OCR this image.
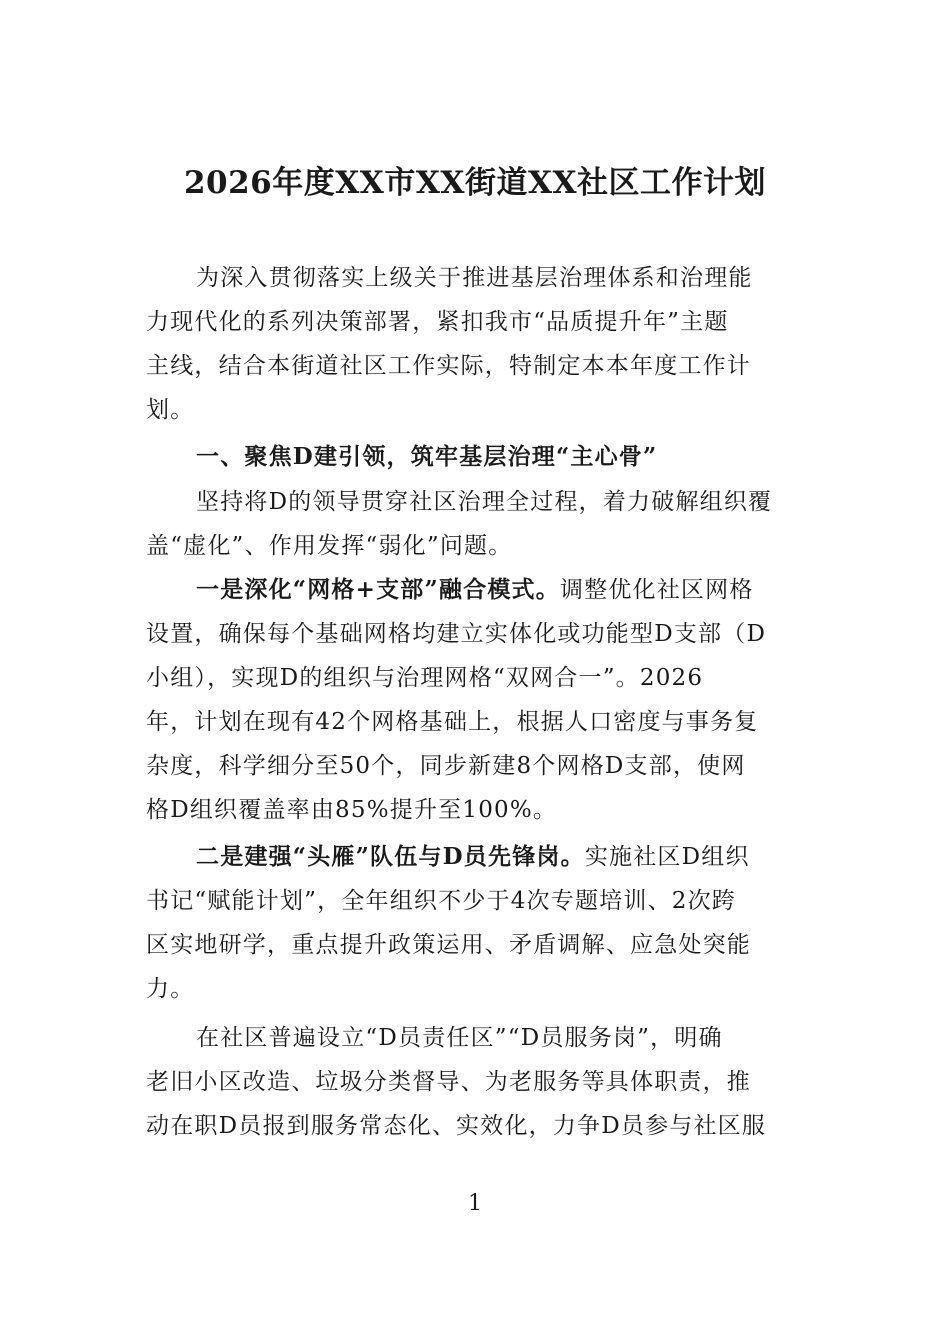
2026年度XX市XX街道XX社区工作计划
为深入贯彻落实上级关于推进基层治理体系和治理能
力现代化的系列决策部署，紧扣我市“品质提升年”主题
主线，结合本街道社区工作实际，特制定本本年度工作计
划。
一、聚焦D建引领，筑牢基层治理“主心骨”
坚持将D的领导贯穿社区治理全过程，着力破解组织覆
盖“虚化”、作用发挥“弱化”问题。
一是深化“网格+支部”融合模式。调整优化社区网格
设置，确保每个基础网格均建立实体化或功能型D支部（D
小组），实现D的组织与治理网格“双网合一”。2026
年，计划在现有42个网格基础上，根据人口密度与事务复
杂度，科学细分至50个，同步新建8个网格D支部，使网
格D组织覆盖率由85%提升至100%。
二是建强“头雁”队伍与D员先锋岗。实施社区D组织
书记“赋能计划”，全年组织不少于4次专题培训、2次跨
区实地研学，重点提升政策运用、矛盾调解、应急处突能
力。
在社区普遍设立“D员责任区”“D员服务岗”，明确
老旧小区改造、垃圾分类督导、为老服务等具体职责，推
动在职D员报到服务常态化、实效化，力争D员参与社区服
1
